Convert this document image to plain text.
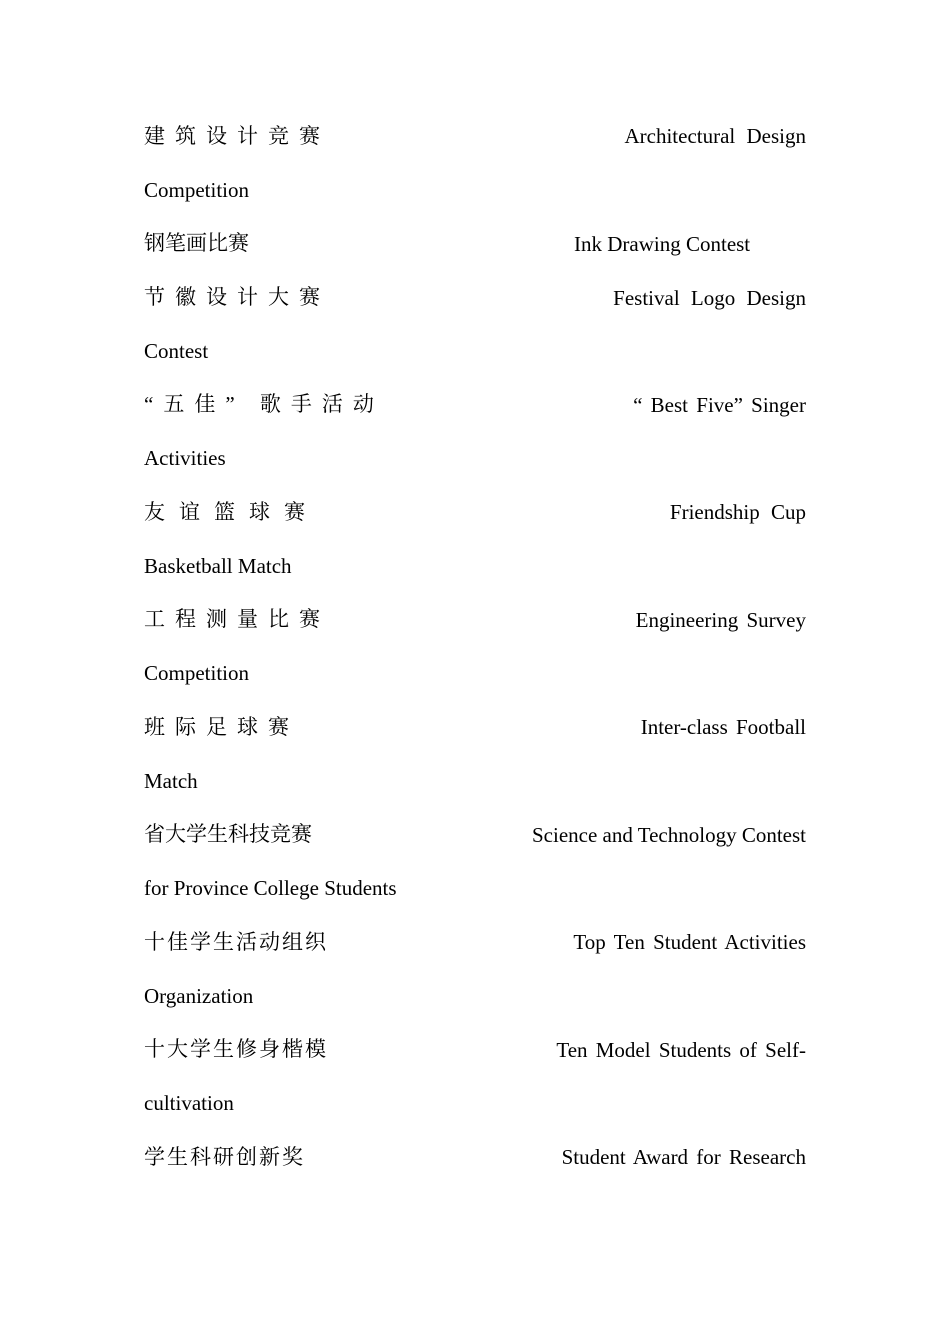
建筑设计竞赛	Architectural Design
Competition
钢笔画比赛	Ink Drawing Contest
节徽设计大赛	Festival Logo Design
Contest
“五佳” 歌手活动	“ Best Five” Singer
Activities
友谊篮球赛	Friendship Cup
Basketball Match
工程测量比赛	Engineering Survey
Competition
班际足球赛	Inter-class Football
Match
省大学生科技竞赛	Science and Technology Contest
for Province College Students
十佳学生活动组织	Top Ten Student Activities
Organization
十大学生修身楷模	Ten Model Students of Self-
cultivation
学生科研创新奖	Student Award for Research
